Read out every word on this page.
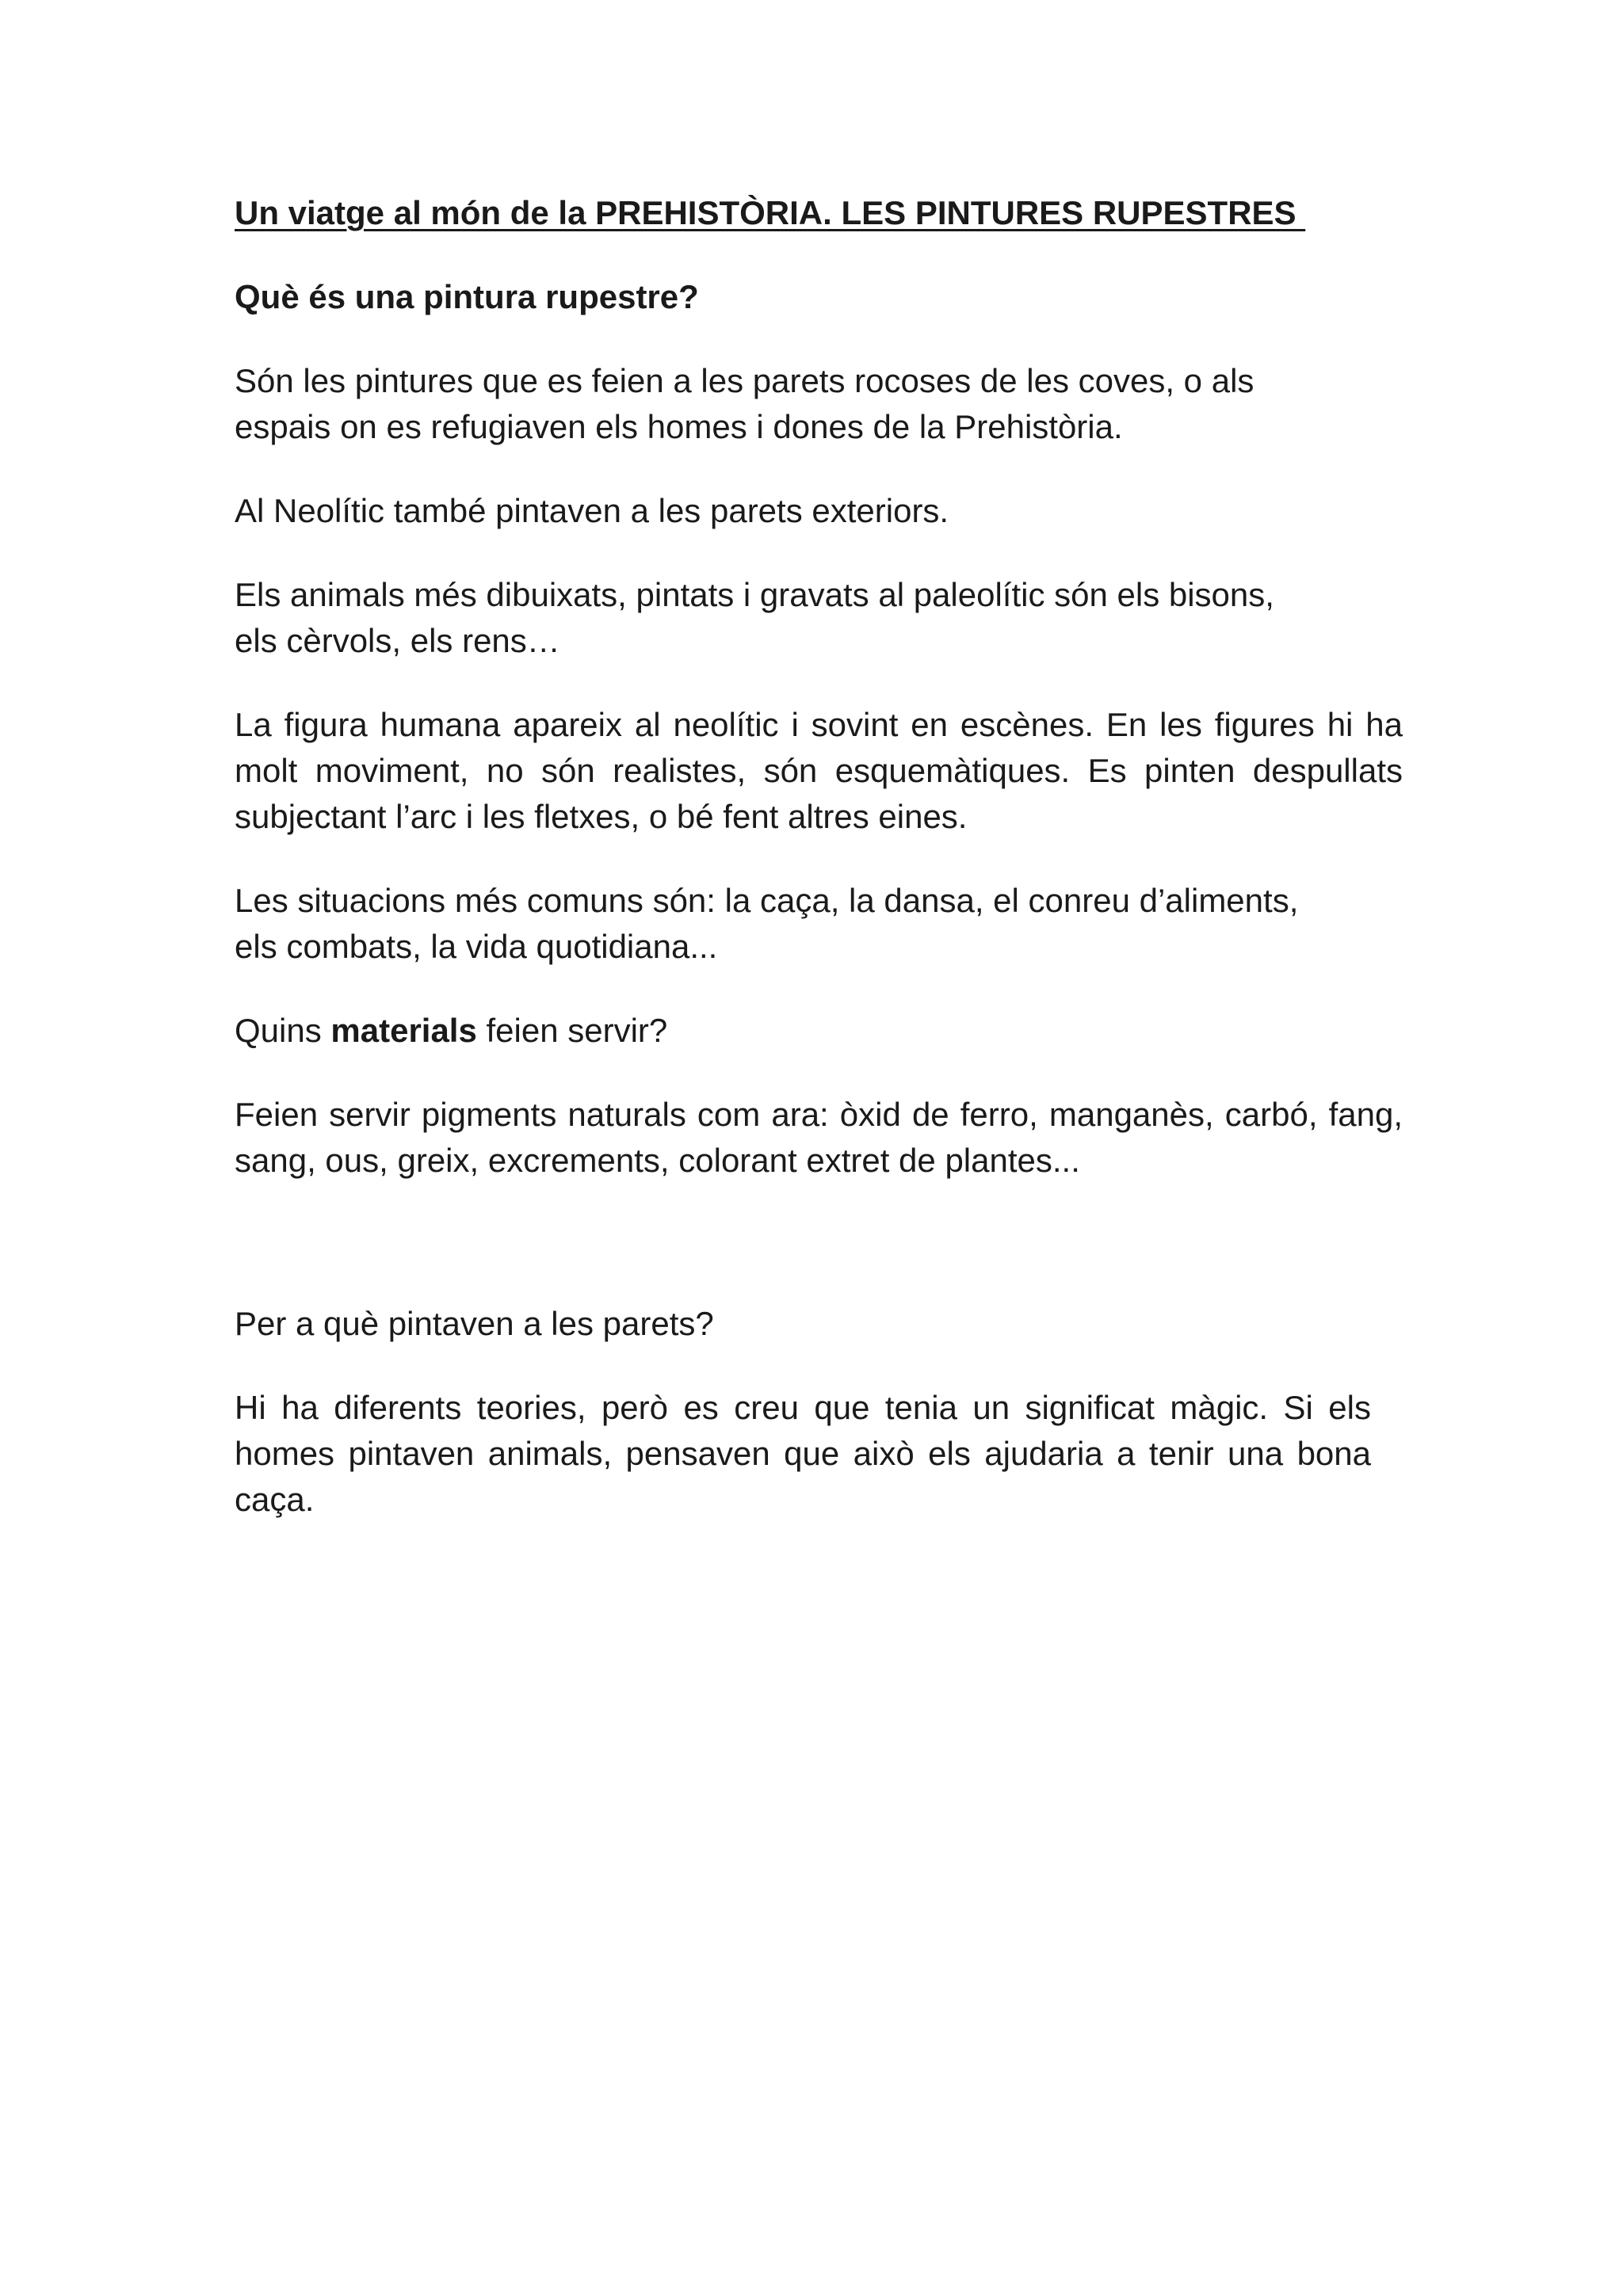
Un viatge al món de la PREHISTÒRIA. LES PINTURES RUPESTRES
Què és una pintura rupestre?
Són les pintures que es feien a les parets rocoses de les coves, o als
espais on es refugiaven els homes i dones de la Prehistòria.
Al Neolític també pintaven a les parets exteriors.
Els animals més dibuixats, pintats i gravats al paleolític són els bisons,
els cèrvols, els rens…
La figura humana apareix al neolític i sovint en escènes. En les figures hi ha molt moviment, no són realistes, són esquemàtiques. Es pinten despullats subjectant l’arc i les fletxes, o bé fent altres eines.
Les situacions més comuns són: la caça, la dansa, el conreu d’aliments,
els combats, la vida quotidiana...
Quins materials feien servir?
Feien servir pigments naturals com ara: òxid de ferro, manganès, carbó, fang, sang, ous, greix, excrements, colorant extret de plantes...
Per a què pintaven a les parets?
Hi ha diferents teories, però es creu que tenia un significat màgic. Si els homes pintaven animals, pensaven que això els ajudaria a tenir una bona caça.
